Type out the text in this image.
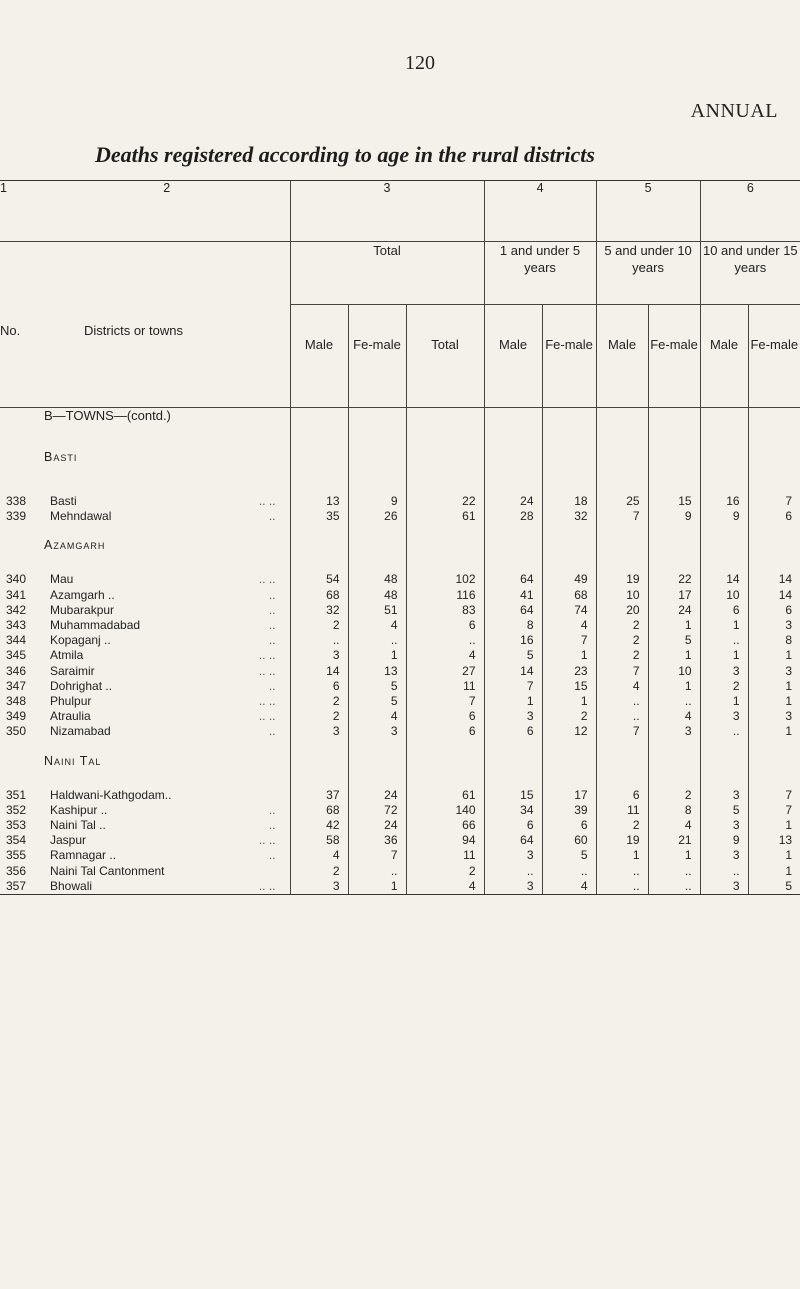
120
ANNUAL
Deaths registered according to age in the rural districts
1	2	3			4		5		6	
No.	Districts or towns	Total			1 and under 5 years		5 and under 10 years		10 and under 15 years	
		Male	Fe-male	Total	Male	Fe-male	Male	Fe-male	Male	Fe-male
	B—TOWNS—(contd.)									
	Basti									
338	Basti .. ..	13	9	22	24	18	25	15	16	7
339	Mehndawal ..	35	26	61	28	32	7	9	9	6
	Azamgarh									
340	Mau .. ..	54	48	102	64	49	19	22	14	14
341	Azamgarh .. ..	68	48	116	41	68	10	17	10	14
342	Mubarakpur ..	32	51	83	64	74	20	24	6	6
343	Muhammadabad ..	2	4	6	8	4	2	1	1	3
344	Kopaganj .. ..	..	..	..	16	7	2	5	..	8
345	Atmila .. ..	3	1	4	5	1	2	1	1	1
346	Saraimir .. ..	14	13	27	14	23	7	10	3	3
347	Dohrighat .. ..	6	5	11	7	15	4	1	2	1
348	Phulpur .. ..	2	5	7	1	1	..	..	1	1
349	Atraulia .. ..	2	4	6	3	2	..	4	3	3
350	Nizamabad ..	3	3	6	6	12	7	3	..	1
	Naini Tal									
351	Haldwani-Kathgodam..	37	24	61	15	17	6	2	3	7
352	Kashipur .. ..	68	72	140	34	39	11	8	5	7
353	Naini Tal .. ..	42	24	66	6	6	2	4	3	1
354	Jaspur .. ..	58	36	94	64	60	19	21	9	13
355	Ramnagar .. ..	4	7	11	3	5	1	1	3	1
356	Naini Tal Cantonment	2	..	2	..	..	..	..	..	1
357	Bhowali .. ..	3	1	4	3	4	..	..	3	5
